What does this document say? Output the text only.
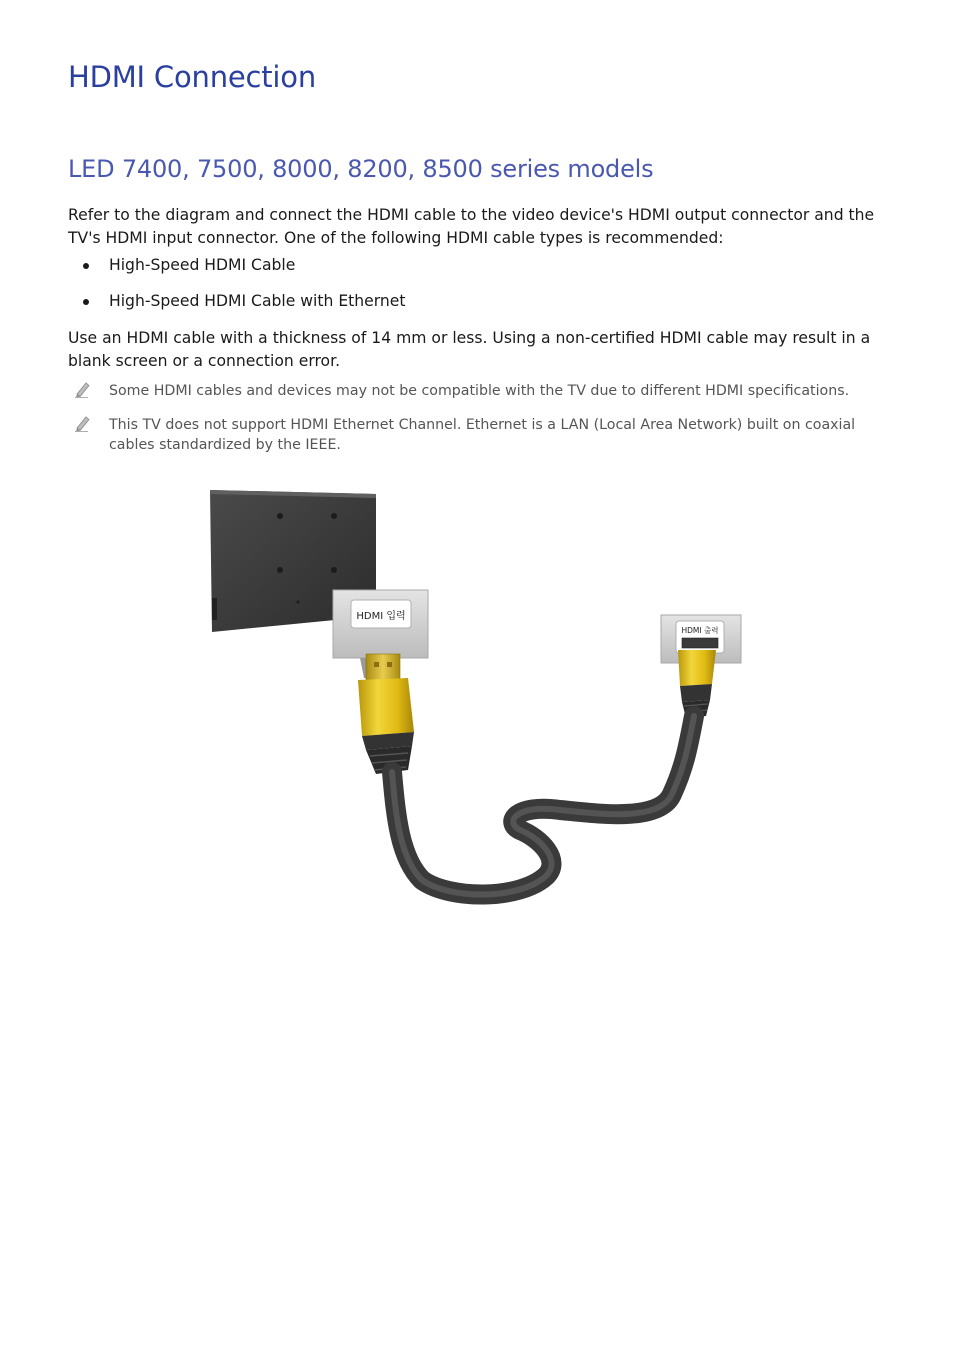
HDMI Connection
LED 7400, 7500, 8000, 8200, 8500 series models

Refer to the diagram and connect the HDMI cable to the video device's HDMI output connector and the TV's HDMI input connector. One of the following HDMI cable types is recommended:

High-Speed HDMI Cable
High-Speed HDMI Cable with Ethernet

Use an HDMI cable with a thickness of 14 mm or less. Using a non-certified HDMI cable may result in a blank screen or a connection error.

Some HDMI cables and devices may not be compatible with the TV due to different HDMI specifications.

This TV does not support HDMI Ethernet Channel. Ethernet is a LAN (Local Area Network) built on coaxial cables standardized by the IEEE.

HDMI 입력
HDMI 출력
